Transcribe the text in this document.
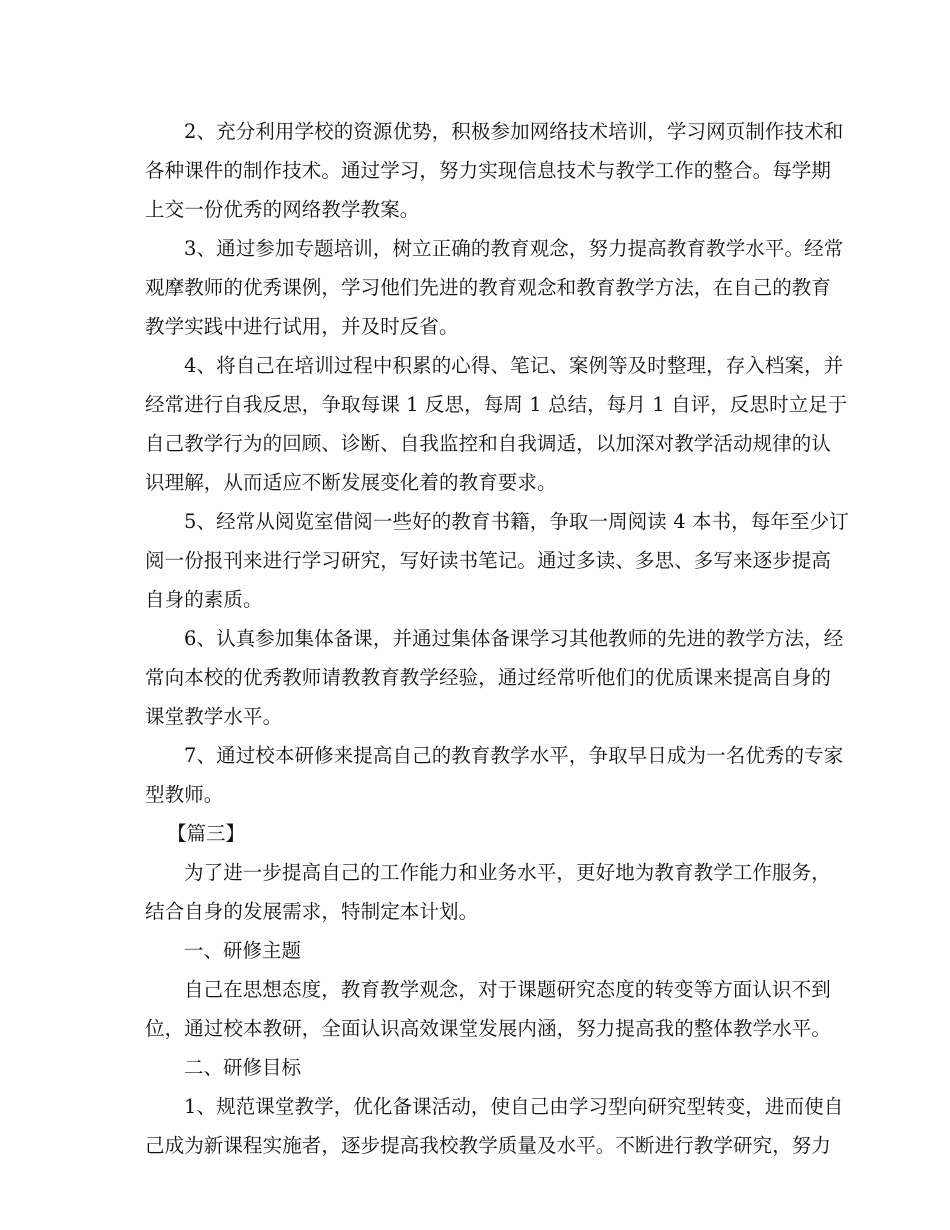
2、充分利用学校的资源优势，积极参加网络技术培训，学习网页制作技术和
各种课件的制作技术。通过学习，努力实现信息技术与教学工作的整合。每学期
上交一份优秀的网络教学教案。

3、通过参加专题培训，树立正确的教育观念，努力提高教育教学水平。经常
观摩教师的优秀课例，学习他们先进的教育观念和教育教学方法，在自己的教育
教学实践中进行试用，并及时反省。

4、将自己在培训过程中积累的心得、笔记、案例等及时整理，存入档案，并
经常进行自我反思，争取每课 1 反思，每周 1 总结，每月 1 自评，反思时立足于
自己教学行为的回顾、诊断、自我监控和自我调适，以加深对教学活动规律的认
识理解，从而适应不断发展变化着的教育要求。

5、经常从阅览室借阅一些好的教育书籍，争取一周阅读 4 本书，每年至少订
阅一份报刊来进行学习研究，写好读书笔记。通过多读、多思、多写来逐步提高
自身的素质。

6、认真参加集体备课，并通过集体备课学习其他教师的先进的教学方法，经
常向本校的优秀教师请教教育教学经验，通过经常听他们的优质课来提高自身的
课堂教学水平。

7、通过校本研修来提高自己的教育教学水平，争取早日成为一名优秀的专家
型教师。

【篇三】

为了进一步提高自己的工作能力和业务水平，更好地为教育教学工作服务，
结合自身的发展需求，特制定本计划。

一、研修主题

自己在思想态度，教育教学观念，对于课题研究态度的转变等方面认识不到
位，通过校本教研，全面认识高效课堂发展内涵，努力提高我的整体教学水平。

二、研修目标

1、规范课堂教学，优化备课活动，使自己由学习型向研究型转变，进而使自
己成为新课程实施者，逐步提高我校教学质量及水平。不断进行教学研究，努力
